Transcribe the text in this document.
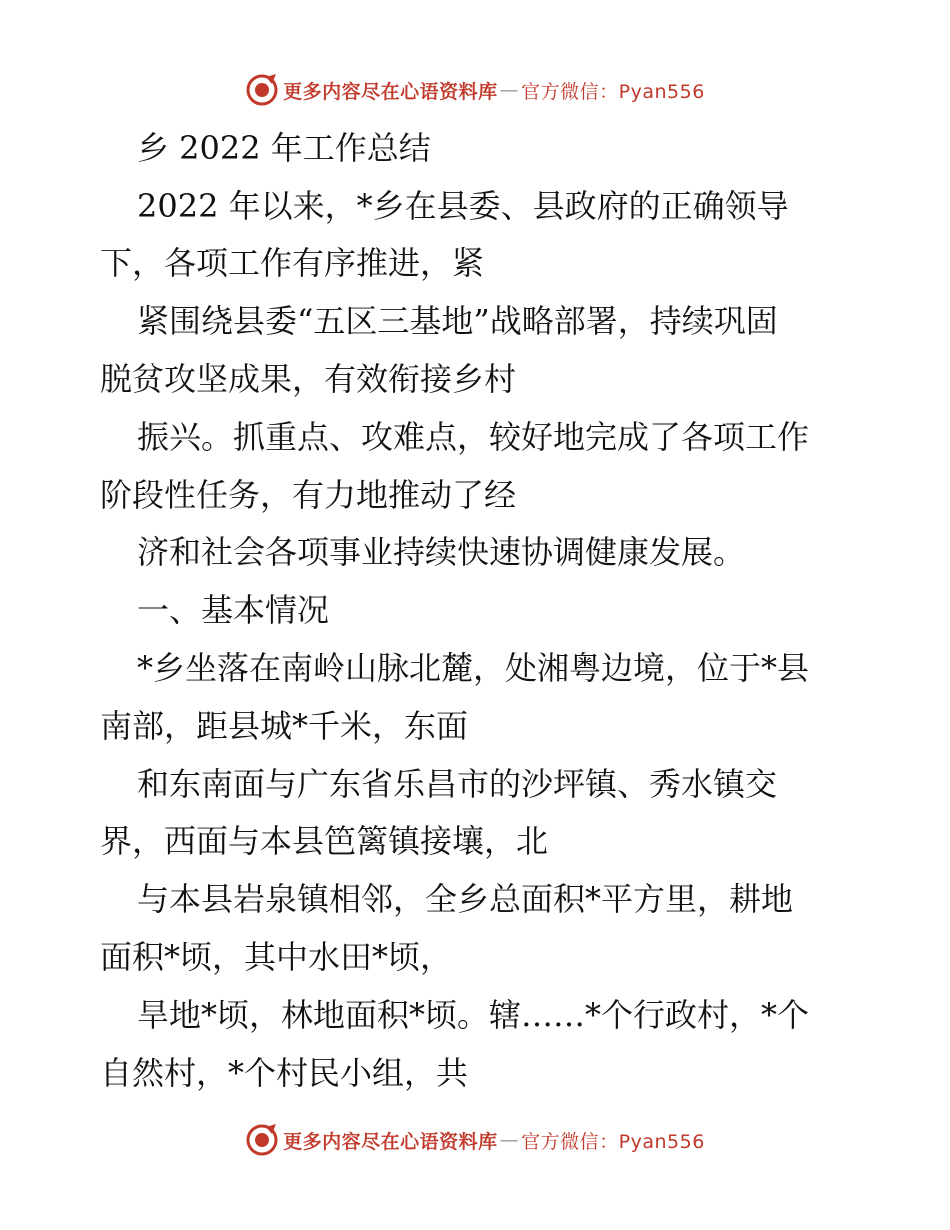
更多内容尽在心语资料库 — 官方微信：Pyan556
乡 2022 年工作总结
2022 年以来，*乡在县委、县政府的正确领导
下，各项工作有序推进，紧
紧围绕县委“五区三基地”战略部署，持续巩固
脱贫攻坚成果，有效衔接乡村
振兴。抓重点、攻难点，较好地完成了各项工作
阶段性任务，有力地推动了经
济和社会各项事业持续快速协调健康发展。
一、基本情况
*乡坐落在南岭山脉北麓，处湘粤边境，位于*县
南部，距县城*千米，东面
和东南面与广东省乐昌市的沙坪镇、秀水镇交
界，西面与本县笆篱镇接壤，北
与本县岩泉镇相邻，全乡总面积*平方里，耕地
面积*顷，其中水田*顷，
旱地*顷，林地面积*顷。辖……*个行政村，*个
自然村，*个村民小组，共
更多内容尽在心语资料库 — 官方微信：Pyan556
